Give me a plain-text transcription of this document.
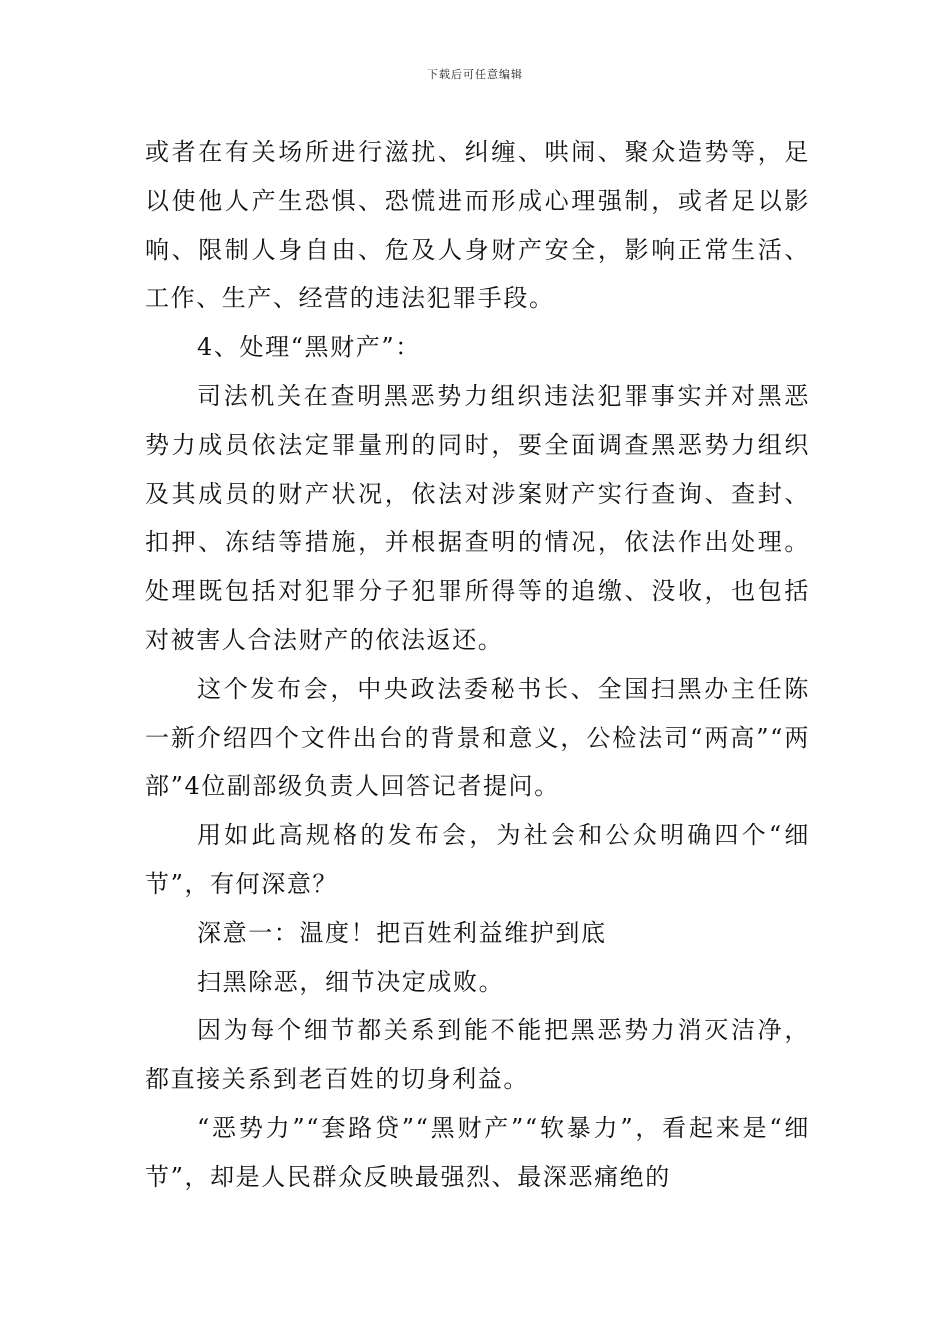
下载后可任意编辑

或者在有关场所进行滋扰、纠缠、哄闹、聚众造势等，足以使他人产生恐惧、恐慌进而形成心理强制，或者足以影响、限制人身自由、危及人身财产安全，影响正常生活、工作、生产、经营的违法犯罪手段。

4、处理“黑财产”：

司法机关在查明黑恶势力组织违法犯罪事实并对黑恶势力成员依法定罪量刑的同时，要全面调查黑恶势力组织及其成员的财产状况，依法对涉案财产实行查询、查封、扣押、冻结等措施，并根据查明的情况，依法作出处理。处理既包括对犯罪分子犯罪所得等的追缴、没收，也包括对被害人合法财产的依法返还。

这个发布会，中央政法委秘书长、全国扫黑办主任陈一新介绍四个文件出台的背景和意义，公检法司“两高”“两部”4位副部级负责人回答记者提问。

用如此高规格的发布会，为社会和公众明确四个“细节”，有何深意？

深意一：温度！把百姓利益维护到底

扫黑除恶，细节决定成败。

因为每个细节都关系到能不能把黑恶势力消灭洁净，都直接关系到老百姓的切身利益。

“恶势力”“套路贷”“黑财产”“软暴力”，看起来是“细节”，却是人民群众反映最强烈、最深恶痛绝的
